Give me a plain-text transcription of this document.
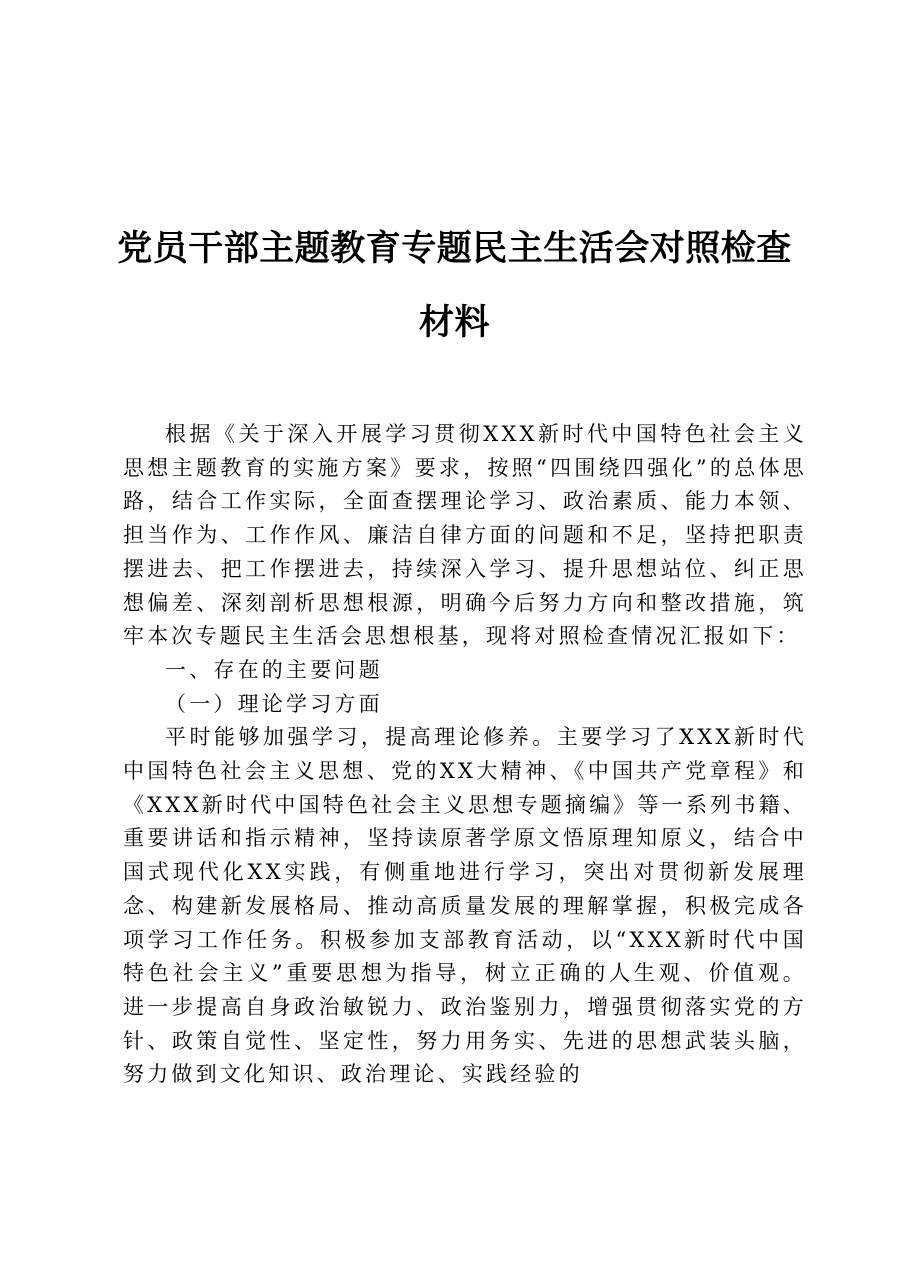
党员干部主题教育专题民主生活会对照检查材料

根据《关于深入开展学习贯彻XXX新时代中国特色社会主义思想主题教育的实施方案》要求，按照“四围绕四强化”的总体思路，结合工作实际，全面查摆理论学习、政治素质、能力本领、担当作为、工作作风、廉洁自律方面的问题和不足，坚持把职责摆进去、把工作摆进去，持续深入学习、提升思想站位、纠正思想偏差、深刻剖析思想根源，明确今后努力方向和整改措施，筑牢本次专题民主生活会思想根基，现将对照检查情况汇报如下：

一、存在的主要问题

（一）理论学习方面

平时能够加强学习，提高理论修养。主要学习了XXX新时代中国特色社会主义思想、党的XX大精神、《中国共产党章程》和《XXX新时代中国特色社会主义思想专题摘编》等一系列书籍、重要讲话和指示精神，坚持读原著学原文悟原理知原义，结合中国式现代化XX实践，有侧重地进行学习，突出对贯彻新发展理念、构建新发展格局、推动高质量发展的理解掌握，积极完成各项学习工作任务。积极参加支部教育活动，以“XXX新时代中国特色社会主义”重要思想为指导，树立正确的人生观、价值观。进一步提高自身政治敏锐力、政治鉴别力，增强贯彻落实党的方针、政策自觉性、坚定性，努力用务实、先进的思想武装头脑，努力做到文化知识、政治理论、实践经验的
